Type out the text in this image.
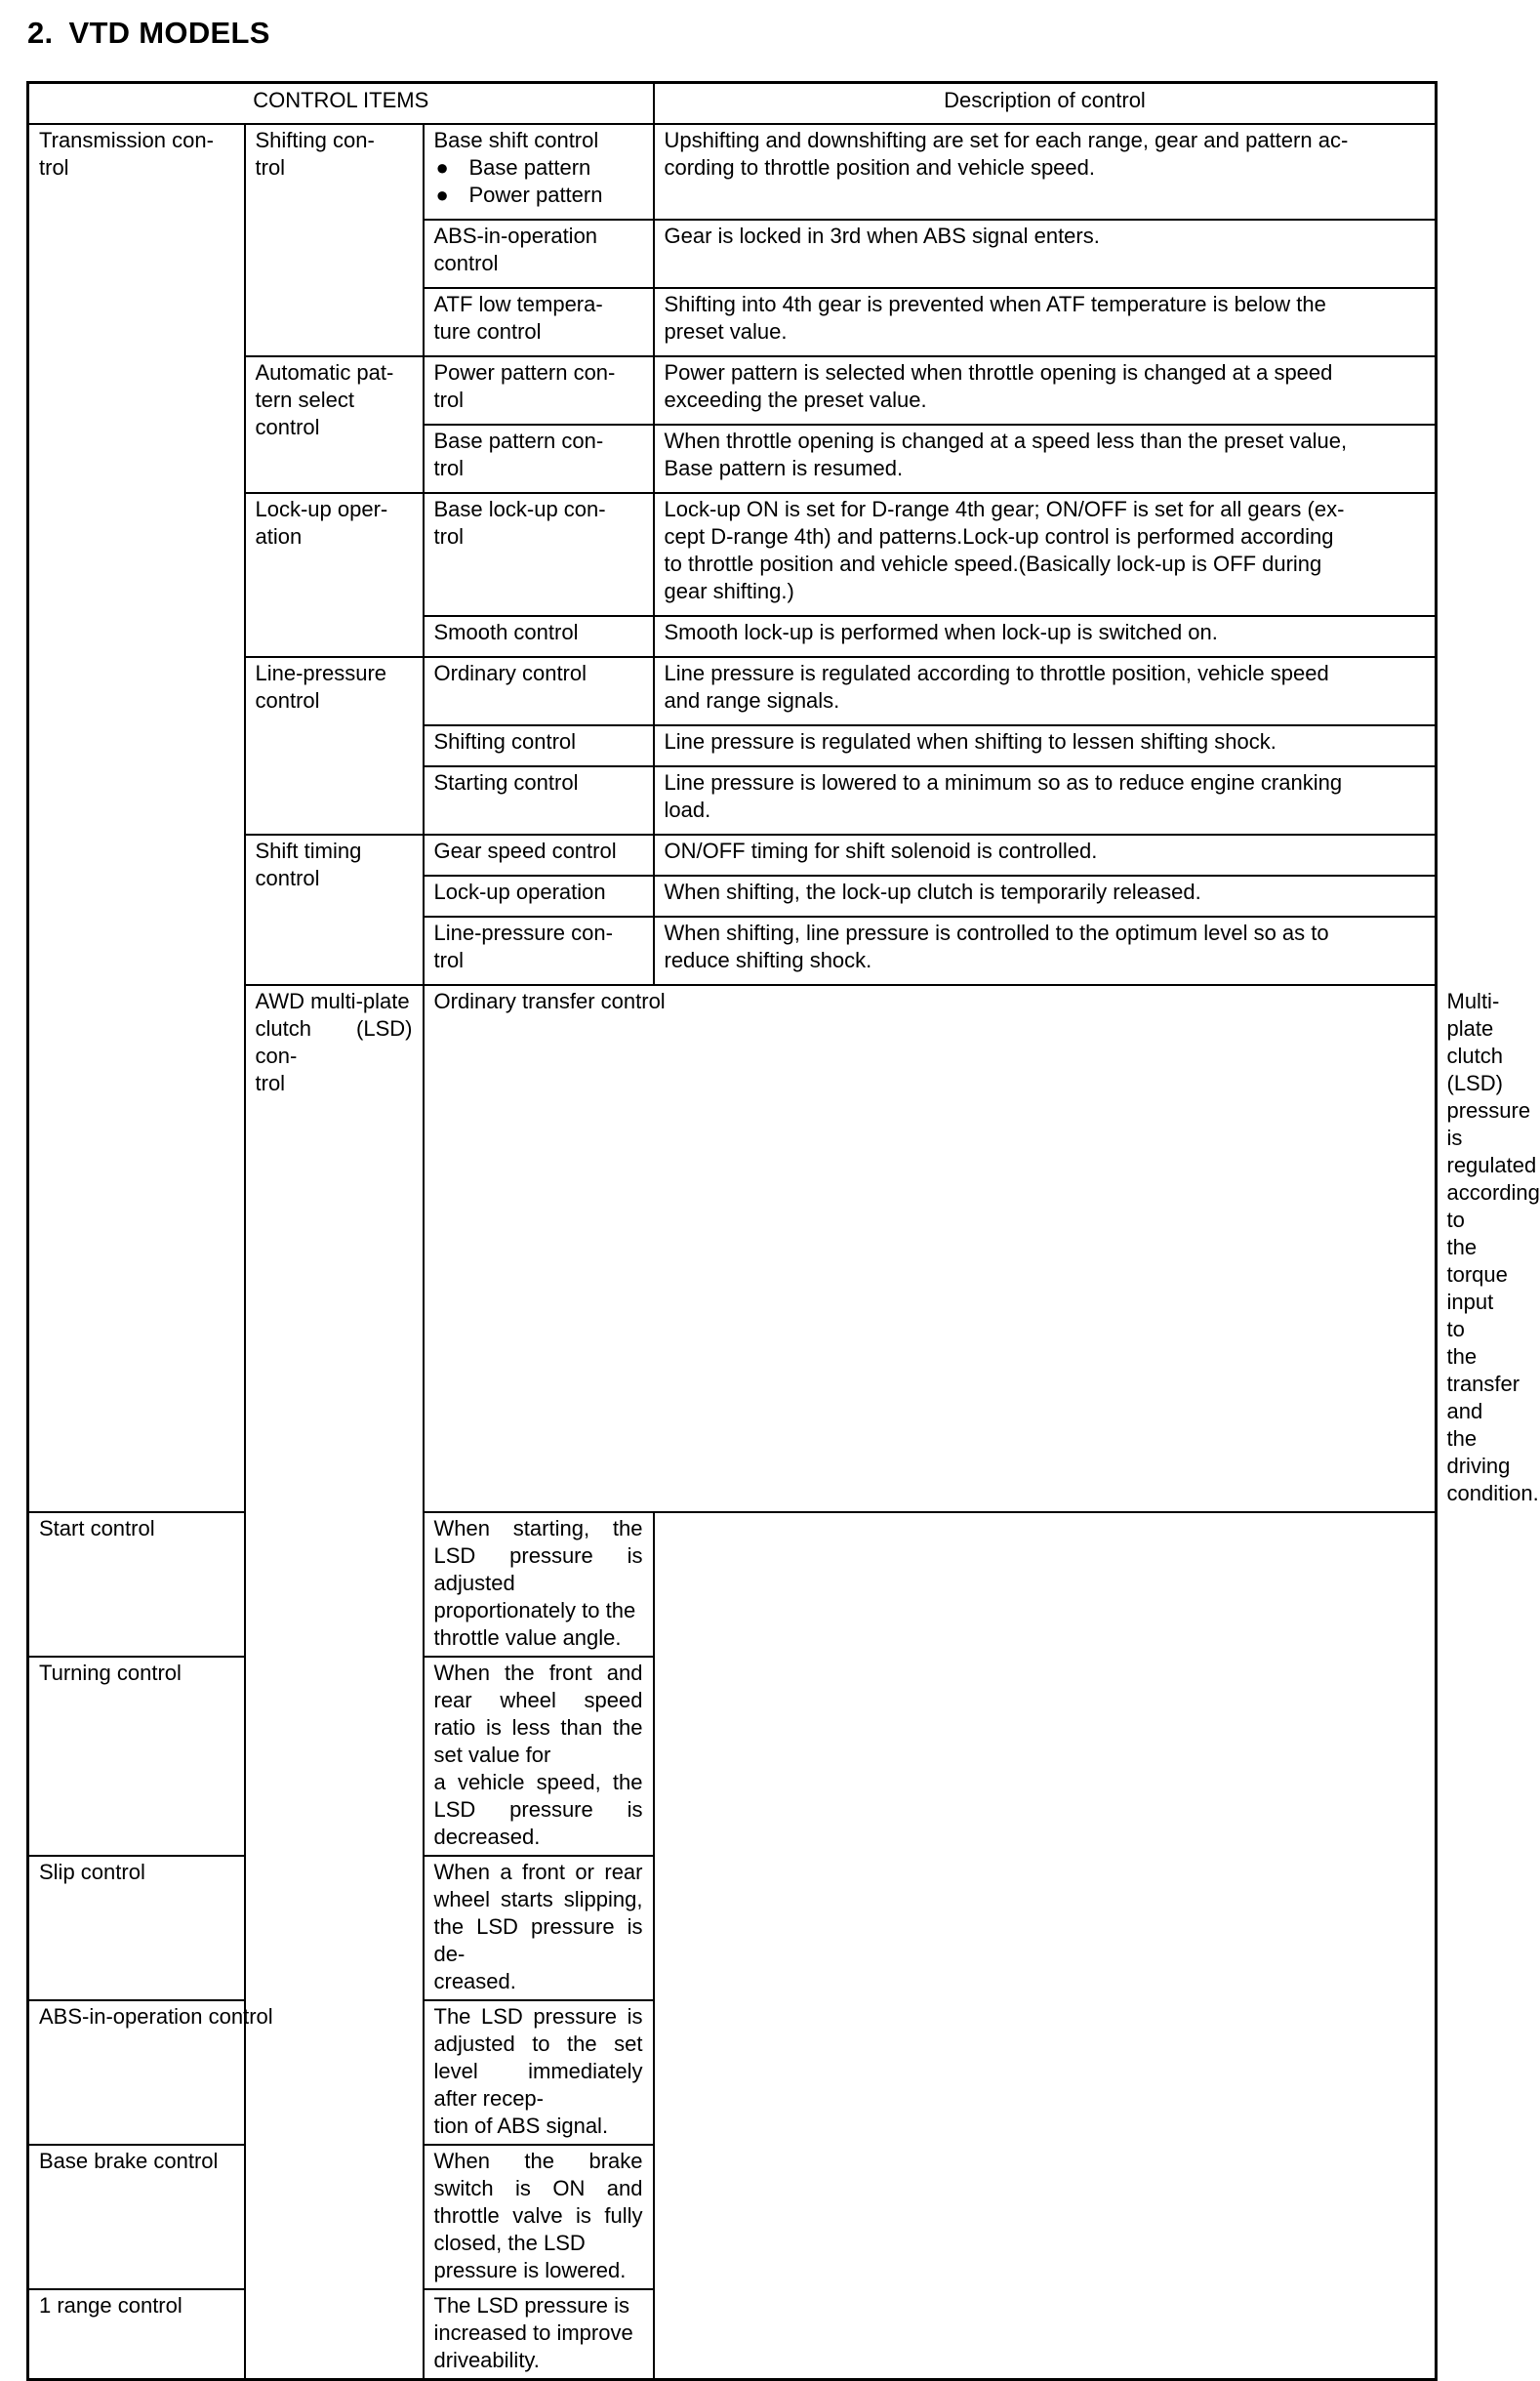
2. VTD MODELS
CONTROL ITEMS			Description of control	
Transmission con-
trol	Shifting con-
trol	Base shift control
● Base pattern
● Power pattern	Upshifting and downshifting are set for each range, gear and pattern ac-
cording to throttle position and vehicle speed.	
		ABS-in-operation
control	Gear is locked in 3rd when ABS signal enters.	
		ATF low tempera-
ture control	Shifting into 4th gear is prevented when ATF temperature is below the
preset value.	
	Automatic pat-
tern select
control	Power pattern con-
trol	Power pattern is selected when throttle opening is changed at a speed
exceeding the preset value.	
		Base pattern con-
trol	When throttle opening is changed at a speed less than the preset value,
Base pattern is resumed.	
	Lock-up oper-
ation	Base lock-up con-
trol	Lock-up ON is set for D-range 4th gear; ON/OFF is set for all gears (ex-
cept D-range 4th) and patterns.Lock-up control is performed according
to throttle position and vehicle speed.(Basically lock-up is OFF during
gear shifting.)	
		Smooth control	Smooth lock-up is performed when lock-up is switched on.	
	Line-pressure
control	Ordinary control	Line pressure is regulated according to throttle position, vehicle speed
and range signals.	
		Shifting control	Line pressure is regulated when shifting to lessen shifting shock.	
		Starting control	Line pressure is lowered to a minimum so as to reduce engine cranking
load.	
	Shift timing
control	Gear speed control	ON/OFF timing for shift solenoid is controlled.	
		Lock-up operation	When shifting, the lock-up clutch is temporarily released.	
		Line-pressure con-
trol	When shifting, line pressure is controlled to the optimum level so as to
reduce shifting shock.	
	AWD multi-plate
clutch (LSD) con-
trol	Ordinary transfer control		Multi-plate clutch (LSD) pressure is regulated according to the torque
input to the transfer and the driving condition.
Start control		When starting, the LSD pressure is adjusted proportionately to the
throttle value angle.		
Turning control		When the front and rear wheel speed ratio is less than the set value for
a vehicle speed, the LSD pressure is decreased.		
Slip control		When a front or rear wheel starts slipping, the LSD pressure is de-
creased.		
ABS-in-operation control		The LSD pressure is adjusted to the set level immediately after recep-
tion of ABS signal.		
Base brake control		When the brake switch is ON and throttle valve is fully closed, the LSD
pressure is lowered.		
1 range control		The LSD pressure is increased to improve driveability.		
